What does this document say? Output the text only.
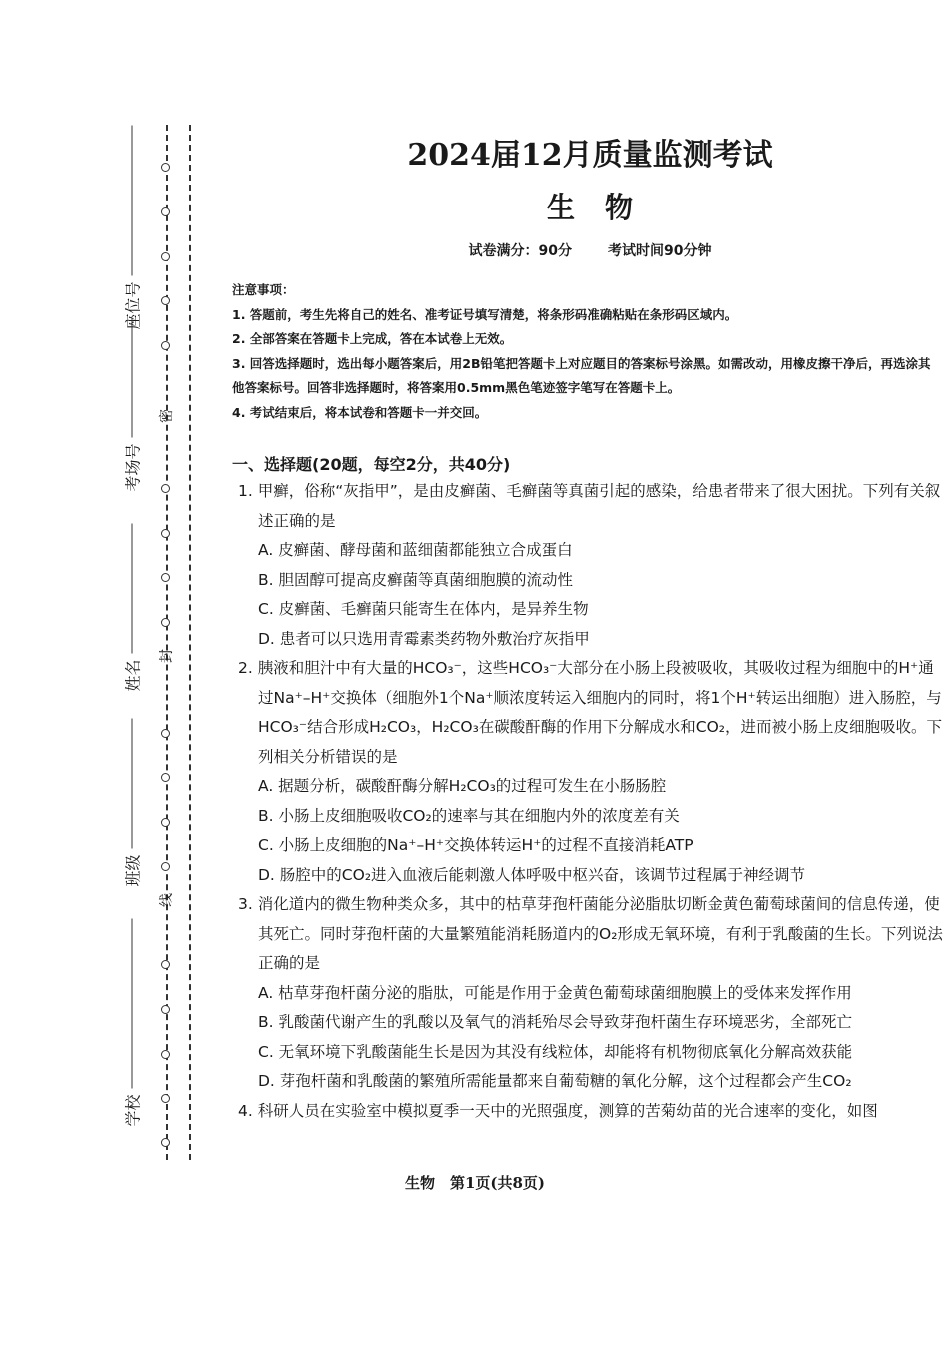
密
封
线
座位号
考场号
姓名
班级
学校
2024届12月质量监测考试
生物
试卷满分：90分	考试时间90分钟

注意事项：

1. 答题前，考生先将自己的姓名、准考证号填写清楚，将条形码准确粘贴在条形码区域内。

2. 全部答案在答题卡上完成，答在本试卷上无效。

3. 回答选择题时，选出每小题答案后，用2B铅笔把答题卡上对应题目的答案标号涂黑。如需改动，用橡皮擦干净后，再选涂其他答案标号。回答非选择题时，将答案用0.5mm黑色笔迹签字笔写在答题卡上。

4. 考试结束后，将本试卷和答题卡一并交回。

一、选择题(20题，每空2分，共40分)

1. 甲癣，俗称“灰指甲”，是由皮癣菌、毛癣菌等真菌引起的感染，给患者带来了很大困扰。下列有关叙述正确的是

A. 皮癣菌、酵母菌和蓝细菌都能独立合成蛋白

B. 胆固醇可提高皮癣菌等真菌细胞膜的流动性

C. 皮癣菌、毛癣菌只能寄生在体内，是异养生物

D. 患者可以只选用青霉素类药物外敷治疗灰指甲

2. 胰液和胆汁中有大量的HCO₃⁻，这些HCO₃⁻大部分在小肠上段被吸收，其吸收过程为细胞中的H⁺通过Na⁺–H⁺交换体（细胞外1个Na⁺顺浓度转运入细胞内的同时，将1个H⁺转运出细胞）进入肠腔，与HCO₃⁻结合形成H₂CO₃，H₂CO₃在碳酸酐酶的作用下分解成水和CO₂，进而被小肠上皮细胞吸收。下列相关分析错误的是

A. 据题分析，碳酸酐酶分解H₂CO₃的过程可发生在小肠肠腔

B. 小肠上皮细胞吸收CO₂的速率与其在细胞内外的浓度差有关

C. 小肠上皮细胞的Na⁺–H⁺交换体转运H⁺的过程不直接消耗ATP

D. 肠腔中的CO₂进入血液后能刺激人体呼吸中枢兴奋，该调节过程属于神经调节

3. 消化道内的微生物种类众多，其中的枯草芽孢杆菌能分泌脂肽切断金黄色葡萄球菌间的信息传递，使其死亡。同时芽孢杆菌的大量繁殖能消耗肠道内的O₂形成无氧环境，有利于乳酸菌的生长。下列说法正确的是

A. 枯草芽孢杆菌分泌的脂肽，可能是作用于金黄色葡萄球菌细胞膜上的受体来发挥作用

B. 乳酸菌代谢产生的乳酸以及氧气的消耗殆尽会导致芽孢杆菌生存环境恶劣，全部死亡

C. 无氧环境下乳酸菌能生长是因为其没有线粒体，却能将有机物彻底氧化分解高效获能

D. 芽孢杆菌和乳酸菌的繁殖所需能量都来自葡萄糖的氧化分解，这个过程都会产生CO₂

4. 科研人员在实验室中模拟夏季一天中的光照强度，测算的苦菊幼苗的光合速率的变化，如图

生物　第1页(共8页)
